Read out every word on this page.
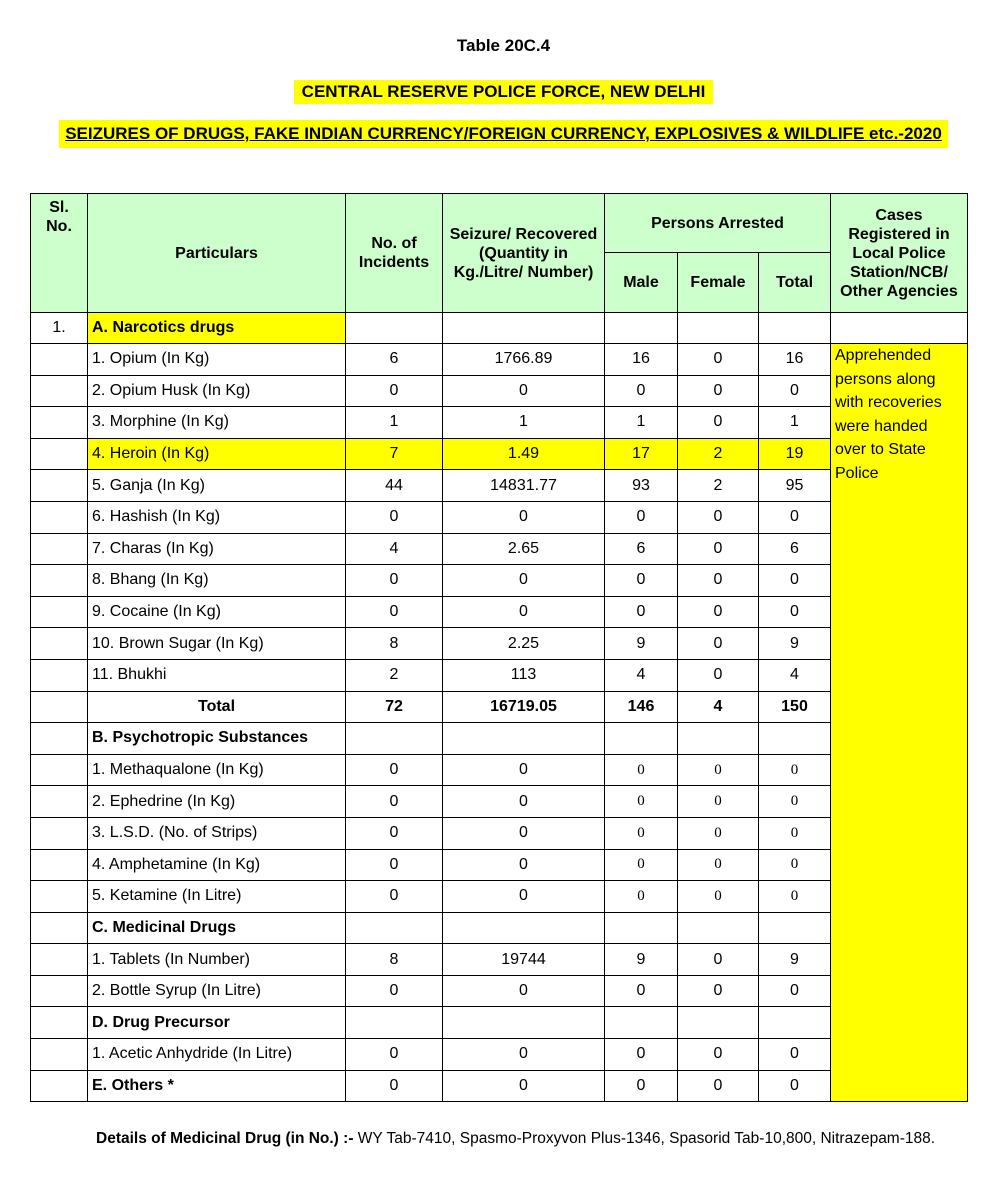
Table 20C.4
CENTRAL RESERVE POLICE FORCE, NEW DELHI
SEIZURES OF DRUGS, FAKE INDIAN CURRENCY/FOREIGN CURRENCY, EXPLOSIVES & WILDLIFE etc.-2020
Sl. No.	Particulars	No. of Incidents	Seizure/ Recovered (Quantity in Kg./Litre/ Number)	Persons Arrested			Cases Registered in Local Police Station/NCB/ Other Agencies
				Male	Female	Total	
1.	A. Narcotics drugs						
	1. Opium (In Kg)	6	1766.89	16	0	16	Apprehended persons along with recoveries were handed over to State Police
	2. Opium Husk (In Kg)	0	0	0	0	0	
	3. Morphine (In Kg)	1	1	1	0	1	
	4. Heroin (In Kg)	7	1.49	17	2	19	
	5. Ganja (In Kg)	44	14831.77	93	2	95	
	6. Hashish (In Kg)	0	0	0	0	0	
	7. Charas (In Kg)	4	2.65	6	0	6	
	8. Bhang (In Kg)	0	0	0	0	0	
	9. Cocaine (In Kg)	0	0	0	0	0	
	10. Brown Sugar (In Kg)	8	2.25	9	0	9	
	11. Bhukhi	2	113	4	0	4	
	Total	72	16719.05	146	4	150	
	B. Psychotropic Substances						
	1. Methaqualone (In Kg)	0	0	0	0	0	
	2. Ephedrine (In Kg)	0	0	0	0	0	
	3. L.S.D. (No. of Strips)	0	0	0	0	0	
	4. Amphetamine (In Kg)	0	0	0	0	0	
	5. Ketamine (In Litre)	0	0	0	0	0	
	C. Medicinal Drugs						
	1. Tablets (In Number)	8	19744	9	0	9	
	2. Bottle Syrup (In Litre)	0	0	0	0	0	
	D. Drug Precursor						
	1. Acetic Anhydride (In Litre)	0	0	0	0	0	
	E. Others *	0	0	0	0	0	
Details of Medicinal Drug (in No.) :- WY Tab-7410, Spasmo-Proxyvon Plus-1346, Spasorid Tab-10,800, Nitrazepam-188.
